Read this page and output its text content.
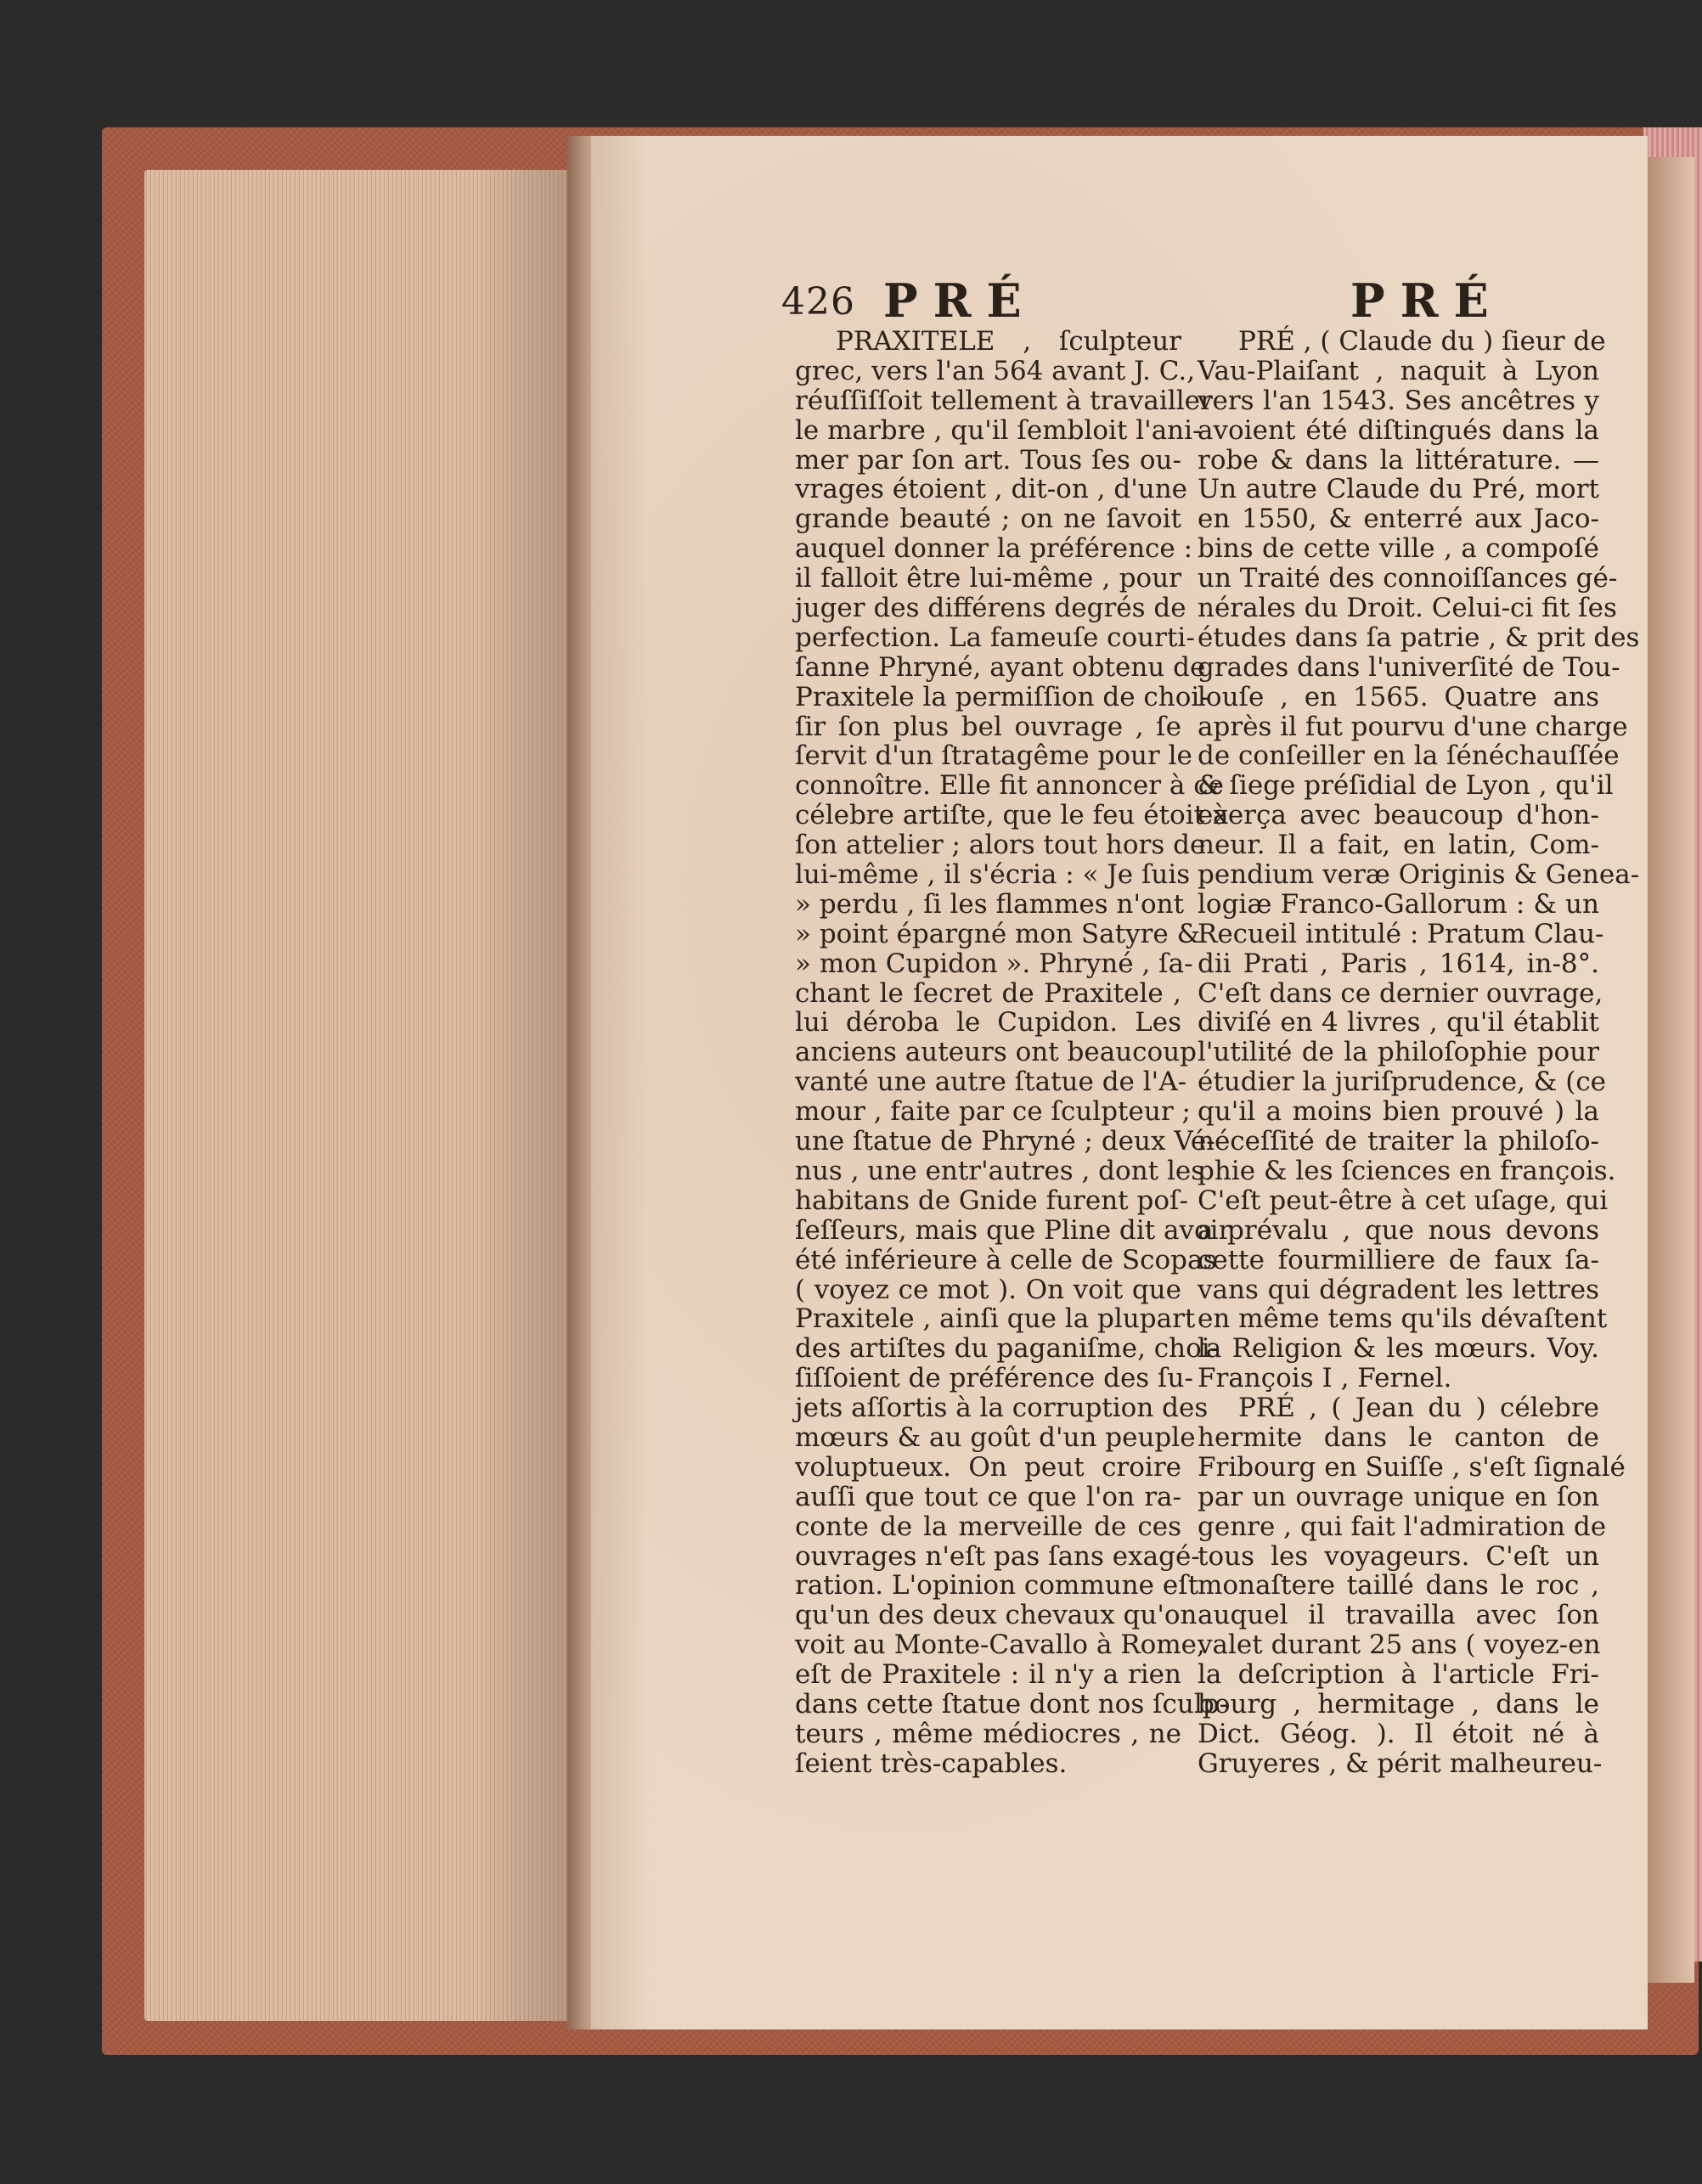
426 PRÉ	PRÉ
PRAXITELE , ſculpteur
grec, vers l'an 564 avant J. C.,
réuſſiſſoit tellement à travailler
le marbre , qu'il ſembloit l'ani-
mer par ſon art. Tous ſes ou-
vrages étoient , dit-on , d'une
grande beauté ; on ne ſavoit
auquel donner la préférence :
il falloit être lui-même , pour
juger des différens degrés de
perfection. La fameuſe courti-
ſanne Phryné, ayant obtenu de
Praxitele la permiſſion de choi-
ſir ſon plus bel ouvrage , ſe
ſervit d'un ſtratagême pour le
connoître. Elle fit annoncer à ce
célebre artiſte, que le feu étoit à
ſon attelier ; alors tout hors de
lui-même , il s'écria : « Je ſuis
» perdu , ſi les flammes n'ont
» point épargné mon Satyre &
» mon Cupidon ». Phryné , ſa-
chant le ſecret de Praxitele ,
lui déroba le Cupidon. Les
anciens auteurs ont beaucoup
vanté une autre ſtatue de l'A-
mour , faite par ce ſculpteur ;
une ſtatue de Phryné ; deux Vé-
nus , une entr'autres , dont les
habitans de Gnide furent poſ-
ſeſſeurs, mais que Pline dit avoir
été inférieure à celle de Scopas
( voyez ce mot ). On voit que
Praxitele , ainſi que la plupart
des artiſtes du paganiſme, choi-
ſiſſoient de préférence des ſu-
jets aſſortis à la corruption des
mœurs & au goût d'un peuple
voluptueux. On peut croire
auſſi que tout ce que l'on ra-
conte de la merveille de ces
ouvrages n'eſt pas ſans exagé-
ration. L'opinion commune eſt
qu'un des deux chevaux qu'on
voit au Monte-Cavallo à Rome,
eſt de Praxitele : il n'y a rien
dans cette ſtatue dont nos ſculp-
teurs , même médiocres , ne
ſeient très-capables.
PRÉ , ( Claude du ) ſieur de
Vau-Plaiſant , naquit à Lyon
vers l'an 1543. Ses ancêtres y
avoient été diſtingués dans la
robe & dans la littérature. —
Un autre Claude du Pré, mort
en 1550, & enterré aux Jaco-
bins de cette ville , a compoſé
un Traité des connoiſſances gé-
nérales du Droit. Celui-ci fit ſes
études dans ſa patrie , & prit des
grades dans l'univerſité de Tou-
louſe , en 1565. Quatre ans
après il fut pourvu d'une charge
de conſeiller en la ſénéchauſſée
& ſiege préſidial de Lyon , qu'il
exerça avec beaucoup d'hon-
neur. Il a fait, en latin, Com-
pendium veræ Originis & Genea-
logiæ Franco-Gallorum : & un
Recueil intitulé : Pratum Clau-
dii Prati , Paris , 1614, in-8°.
C'eſt dans ce dernier ouvrage,
diviſé en 4 livres , qu'il établit
l'utilité de la philoſophie pour
étudier la juriſprudence, & (ce
qu'il a moins bien prouvé ) la
néceſſité de traiter la philoſo-
phie & les ſciences en françois.
C'eſt peut-être à cet uſage, qui
a prévalu , que nous devons
cette fourmilliere de faux ſa-
vans qui dégradent les lettres
en même tems qu'ils dévaſtent
la Religion & les mœurs. Voy.
François I , Fernel.
PRÉ , ( Jean du ) célebre
hermite dans le canton de
Fribourg en Suiſſe , s'eſt ſignalé
par un ouvrage unique en ſon
genre , qui fait l'admiration de
tous les voyageurs. C'eſt un
monaſtere taillé dans le roc ,
auquel il travailla avec ſon
valet durant 25 ans ( voyez-en
la deſcription à l'article Fri-
bourg , hermitage , dans le
Dict. Géog. ). Il étoit né à
Gruyeres , & périt malheureu-
